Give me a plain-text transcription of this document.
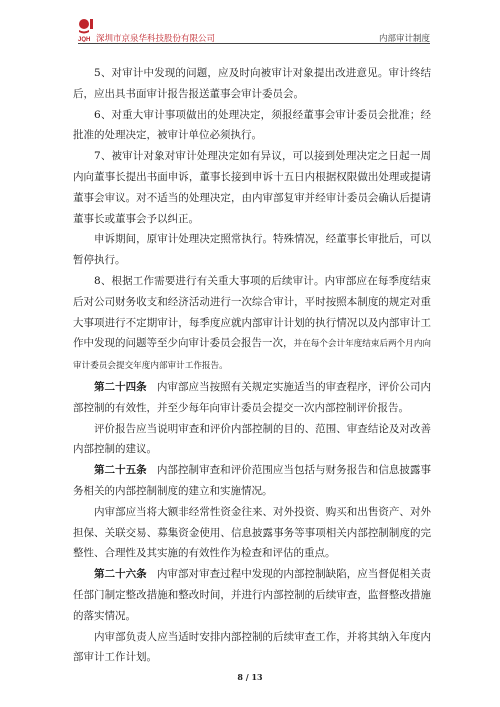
JQH 深圳市京泉华科技股份有限公司	内部审计制度

5、对审计中发现的问题，应及时向被审计对象提出改进意见。审计终结后，应出具书面审计报告报送董事会审计委员会。

6、对重大审计事项做出的处理决定，须报经董事会审计委员会批准；经批准的处理决定，被审计单位必须执行。

7、被审计对象对审计处理决定如有异议，可以接到处理决定之日起一周内向董事长提出书面申诉，董事长接到申诉十五日内根据权限做出处理或提请董事会审议。对不适当的处理决定，由内审部复审并经审计委员会确认后提请董事长或董事会予以纠正。

申诉期间，原审计处理决定照常执行。特殊情况，经董事长审批后，可以暂停执行。

8、根据工作需要进行有关重大事项的后续审计。内审部应在每季度结束后对公司财务收支和经济活动进行一次综合审计，平时按照本制度的规定对重大事项进行不定期审计，每季度应就内部审计计划的执行情况以及内部审计工作中发现的问题等至少向审计委员会报告一次，并在每个会计年度结束后两个月内向审计委员会提交年度内部审计工作报告。

第二十四条 内审部应当按照有关规定实施适当的审查程序，评价公司内部控制的有效性，并至少每年向审计委员会提交一次内部控制评价报告。

评价报告应当说明审查和评价内部控制的目的、范围、审查结论及对改善内部控制的建议。

第二十五条 内部控制审查和评价范围应当包括与财务报告和信息披露事务相关的内部控制制度的建立和实施情况。

内审部应当将大额非经常性资金往来、对外投资、购买和出售资产、对外担保、关联交易、募集资金使用、信息披露事务等事项相关内部控制制度的完整性、合理性及其实施的有效性作为检查和评估的重点。

第二十六条 内审部对审查过程中发现的内部控制缺陷，应当督促相关责任部门制定整改措施和整改时间，并进行内部控制的后续审查，监督整改措施的落实情况。

内审部负责人应当适时安排内部控制的后续审查工作，并将其纳入年度内部审计工作计划。

8 / 13
